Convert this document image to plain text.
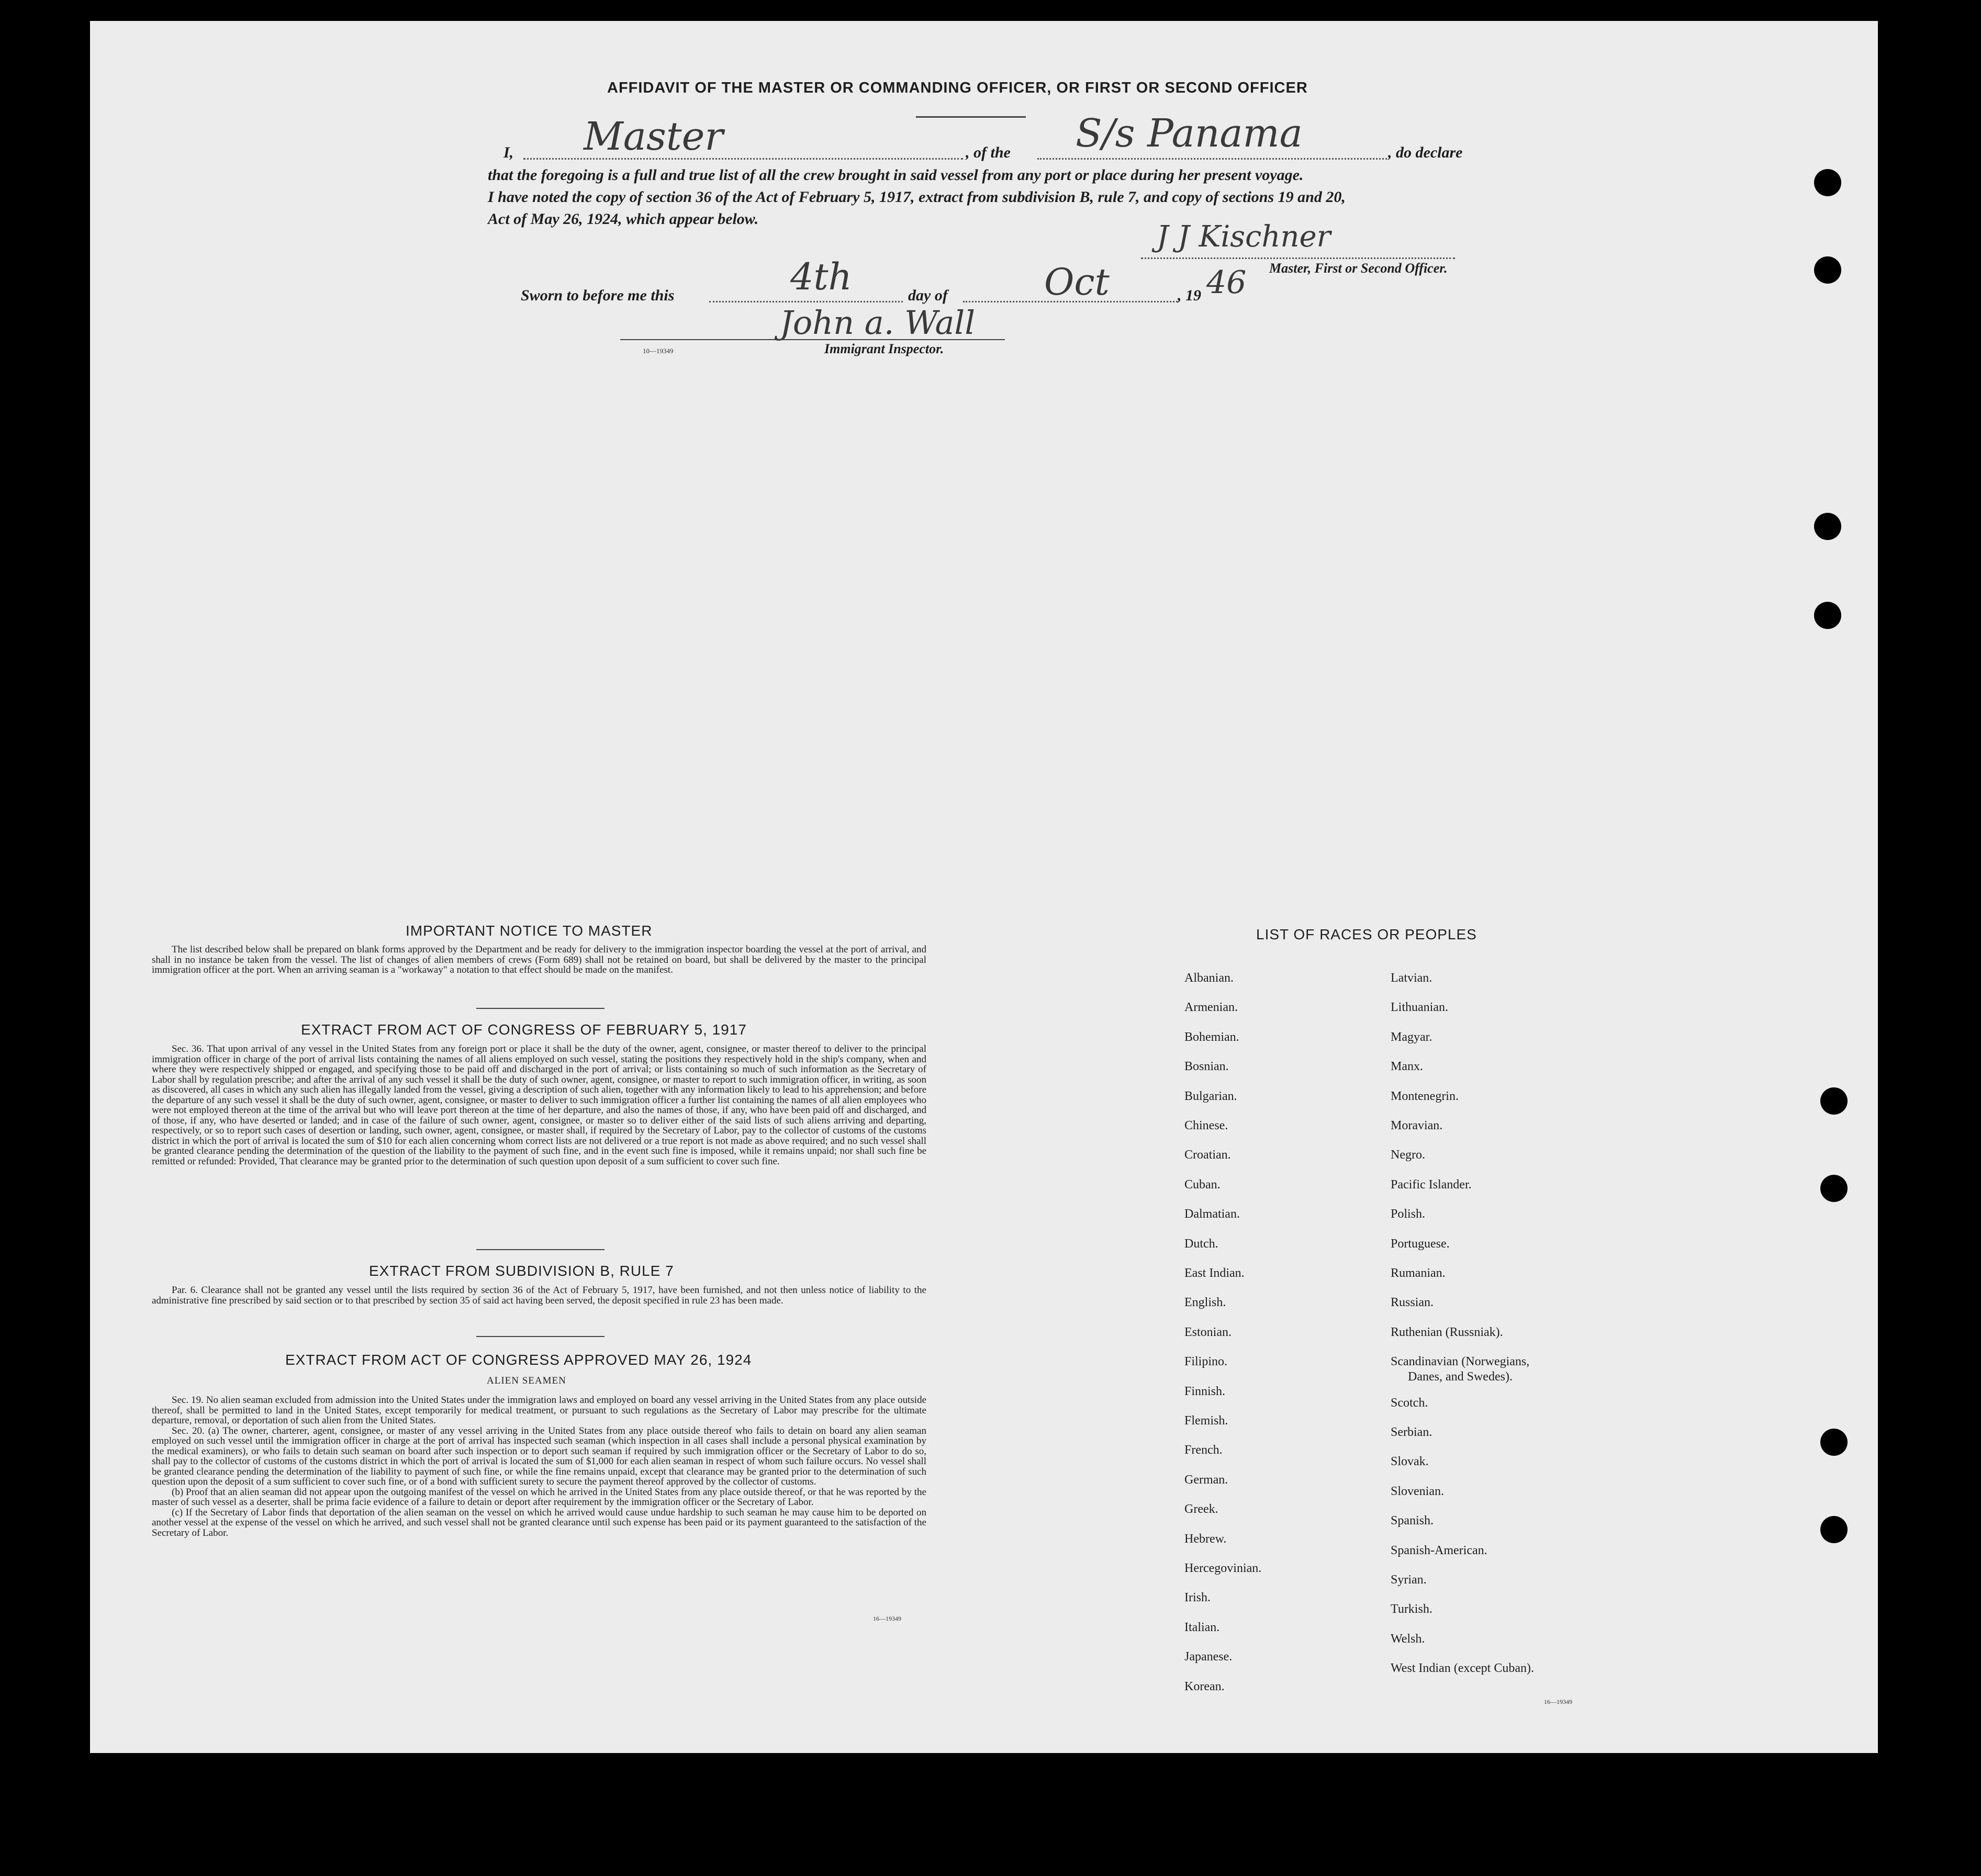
AFFIDAVIT OF THE MASTER OR COMMANDING OFFICER, OR FIRST OR SECOND OFFICER
I, Master	, of the S/s Panama	, do declare
that the foregoing is a full and true list of all the crew brought in said vessel from any port or place during her present voyage.
I have noted the copy of section 36 of the Act of February 5, 1917, extract from subdivision B, rule 7, and copy of sections 19 and 20,
Act of May 26, 1924, which appear below.
J J Kischner
Master, First or Second Officer.
Sworn to before me this	4th	day of	Oct	, 19 46
John a. Wall
10—19349	Immigrant Inspector.
IMPORTANT NOTICE TO MASTER

The list described below shall be prepared on blank forms approved by the Department and be ready for delivery to the immigration inspector boarding the vessel at the port of arrival, and shall in no instance be taken from the vessel. The list of changes of alien members of crews (Form 689) shall not be retained on board, but shall be delivered by the master to the principal immigration officer at the port. When an arriving seaman is a "workaway" a notation to that effect should be made on the manifest.

EXTRACT FROM ACT OF CONGRESS OF FEBRUARY 5, 1917

Sec. 36. That upon arrival of any vessel in the United States from any foreign port or place it shall be the duty of the owner, agent, consignee, or master thereof to deliver to the principal immigration officer in charge of the port of arrival lists containing the names of all aliens employed on such vessel, stating the positions they respectively hold in the ship's company, when and where they were respectively shipped or engaged, and specifying those to be paid off and discharged in the port of arrival; or lists containing so much of such information as the Secretary of Labor shall by regulation prescribe; and after the arrival of any such vessel it shall be the duty of such owner, agent, consignee, or master to report to such immigration officer, in writing, as soon as discovered, all cases in which any such alien has illegally landed from the vessel, giving a description of such alien, together with any information likely to lead to his apprehension; and before the departure of any such vessel it shall be the duty of such owner, agent, consignee, or master to deliver to such immigration officer a further list containing the names of all alien employees who were not employed thereon at the time of the arrival but who will leave port thereon at the time of her departure, and also the names of those, if any, who have been paid off and discharged, and of those, if any, who have deserted or landed; and in case of the failure of such owner, agent, consignee, or master so to deliver either of the said lists of such aliens arriving and departing, respectively, or so to report such cases of desertion or landing, such owner, agent, consignee, or master shall, if required by the Secretary of Labor, pay to the collector of customs of the customs district in which the port of arrival is located the sum of $10 for each alien concerning whom correct lists are not delivered or a true report is not made as above required; and no such vessel shall be granted clearance pending the determination of the question of the liability to the payment of such fine, and in the event such fine is imposed, while it remains unpaid; nor shall such fine be remitted or refunded: Provided, That clearance may be granted prior to the determination of such question upon deposit of a sum sufficient to cover such fine.

EXTRACT FROM SUBDIVISION B, RULE 7

Par. 6. Clearance shall not be granted any vessel until the lists required by section 36 of the Act of February 5, 1917, have been furnished, and not then unless notice of liability to the administrative fine prescribed by said section or to that prescribed by section 35 of said act having been served, the deposit specified in rule 23 has been made.

EXTRACT FROM ACT OF CONGRESS APPROVED MAY 26, 1924
ALIEN SEAMEN

Sec. 19. No alien seaman excluded from admission into the United States under the immigration laws and employed on board any vessel arriving in the United States from any place outside thereof, shall be permitted to land in the United States, except temporarily for medical treatment, or pursuant to such regulations as the Secretary of Labor may prescribe for the ultimate departure, removal, or deportation of such alien from the United States.

Sec. 20. (a) The owner, charterer, agent, consignee, or master of any vessel arriving in the United States from any place outside thereof who fails to detain on board any alien seaman employed on such vessel until the immigration officer in charge at the port of arrival has inspected such seaman (which inspection in all cases shall include a personal physical examination by the medical examiners), or who fails to detain such seaman on board after such inspection or to deport such seaman if required by such immigration officer or the Secretary of Labor to do so, shall pay to the collector of customs of the customs district in which the port of arrival is located the sum of $1,000 for each alien seaman in respect of whom such failure occurs. No vessel shall be granted clearance pending the determination of the liability to payment of such fine, or while the fine remains unpaid, except that clearance may be granted prior to the determination of such question upon the deposit of a sum sufficient to cover such fine, or of a bond with sufficient surety to secure the payment thereof approved by the collector of customs.

(b) Proof that an alien seaman did not appear upon the outgoing manifest of the vessel on which he arrived in the United States from any place outside thereof, or that he was reported by the master of such vessel as a deserter, shall be prima facie evidence of a failure to detain or deport after requirement by the immigration officer or the Secretary of Labor.

(c) If the Secretary of Labor finds that deportation of the alien seaman on the vessel on which he arrived would cause undue hardship to such seaman he may cause him to be deported on another vessel at the expense of the vessel on which he arrived, and such vessel shall not be granted clearance until such expense has been paid or its payment guaranteed to the satisfaction of the Secretary of Labor.

16—19349
LIST OF RACES OR PEOPLES
Albanian.
Armenian.
Bohemian.
Bosnian.
Bulgarian.
Chinese.
Croatian.
Cuban.
Dalmatian.
Dutch.
East Indian.
English.
Estonian.
Filipino.
Finnish.
Flemish.
French.
German.
Greek.
Hebrew.
Hercegovinian.
Irish.
Italian.
Japanese.
Korean.
Latvian.
Lithuanian.
Magyar.
Manx.
Montenegrin.
Moravian.
Negro.
Pacific Islander.
Polish.
Portuguese.
Rumanian.
Russian.
Ruthenian (Russniak).
Scandinavian (Norwegians,
Danes, and Swedes).
Scotch.
Serbian.
Slovak.
Slovenian.
Spanish.
Spanish-American.
Syrian.
Turkish.
Welsh.
West Indian (except Cuban).
16—19349
